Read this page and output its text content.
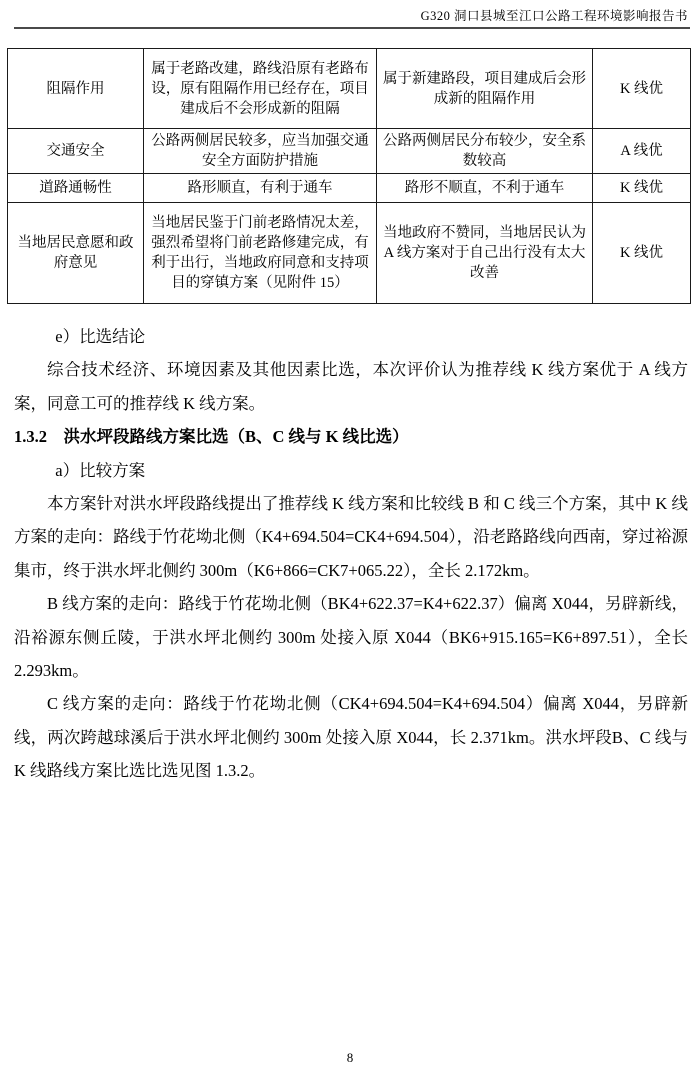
G320 洞口县城至江口公路工程环境影响报告书
阻隔作用	属于老路改建，路线沿原有老路布设，原有阻隔作用已经存在，项目建成后不会形成新的阻隔	属于新建路段，项目建成后会形成新的阻隔作用	K 线优
交通安全	公路两侧居民较多，应当加强交通安全方面防护措施	公路两侧居民分布较少，安全系数较高	A 线优
道路通畅性	路形顺直，有利于通车	路形不顺直，不利于通车	K 线优
当地居民意愿和政府意见	当地居民鉴于门前老路情况太差，强烈希望将门前老路修建完成，有利于出行，当地政府同意和支持项目的穿镇方案（见附件 15）	当地政府不赞同，当地居民认为 A 线方案对于自己出行没有太大改善	K 线优

e）比选结论

综合技术经济、环境因素及其他因素比选，本次评价认为推荐线 K 线方案优于 A 线方案，同意工可的推荐线 K 线方案。

1.3.2　洪水坪段路线方案比选（B、C 线与 K 线比选）

a）比较方案

本方案针对洪水坪段路线提出了推荐线 K 线方案和比较线 B 和 C 线三个方案，其中 K 线方案的走向：路线于竹花坳北侧（K4+694.504=CK4+694.504），沿老路路线向西南，穿过裕源集市，终于洪水坪北侧约 300m（K6+866=CK7+065.22），全长 2.172km。

B 线方案的走向：路线于竹花坳北侧（BK4+622.37=K4+622.37）偏离 X044，另辟新线，沿裕源东侧丘陵，于洪水坪北侧约 300m 处接入原 X044（BK6+915.165=K6+897.51），全长 2.293km。

C 线方案的走向：路线于竹花坳北侧（CK4+694.504=K4+694.504）偏离 X044，另辟新线，两次跨越球溪后于洪水坪北侧约 300m 处接入原 X044，长 2.371km。洪水坪段B、C 线与 K 线路线方案比选比选见图 1.3.2。

8
